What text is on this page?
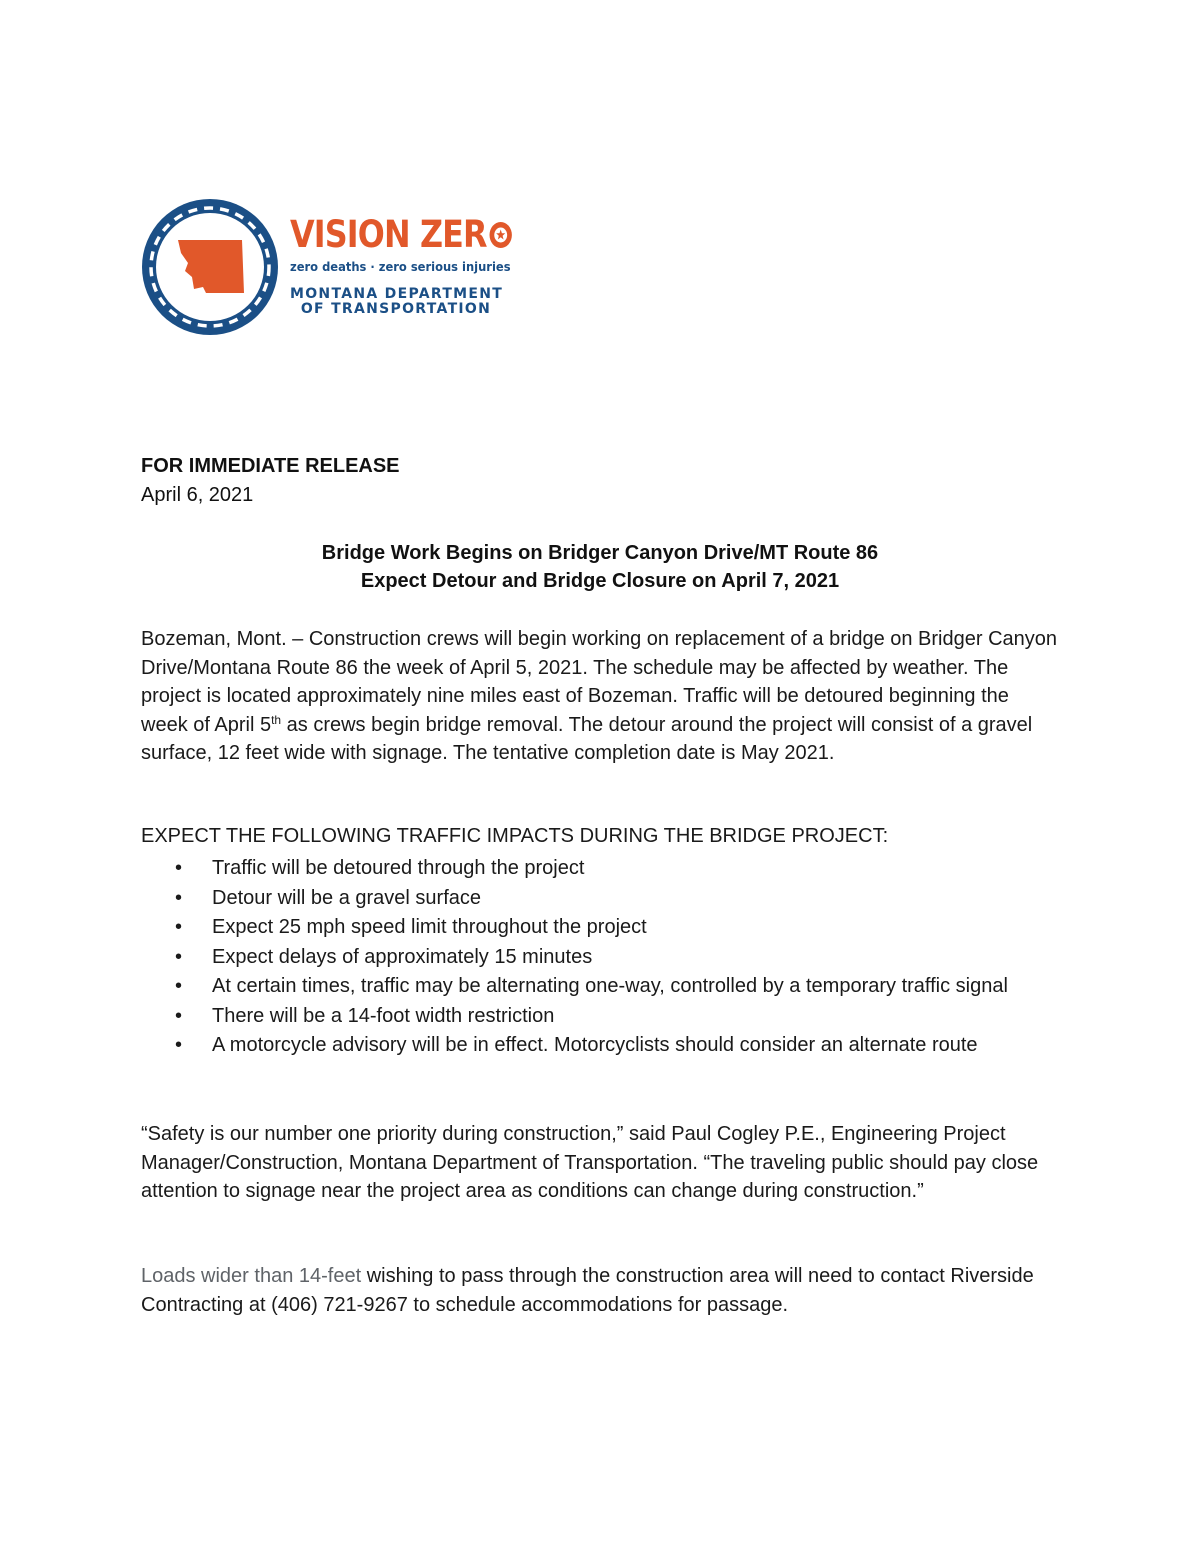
VISION ZER
zero deaths · zero serious injuries
MONTANA DEPARTMENT
OF TRANSPORTATION
FOR IMMEDIATE RELEASE
April 6, 2021
Bridge Work Begins on Bridger Canyon Drive/MT Route 86
Expect Detour and Bridge Closure on April 7, 2021
Bozeman, Mont. – Construction crews will begin working on replacement of a bridge on Bridger Canyon Drive/Montana Route 86 the week of April 5, 2021. The schedule may be affected by weather. The project is located approximately nine miles east of Bozeman. Traffic will be detoured beginning the week of April 5th as crews begin bridge removal. The detour around the project will consist of a gravel surface, 12 feet wide with signage. The tentative completion date is May 2021.
EXPECT THE FOLLOWING TRAFFIC IMPACTS DURING THE BRIDGE PROJECT:
• Traffic will be detoured through the project
• Detour will be a gravel surface
• Expect 25 mph speed limit throughout the project
• Expect delays of approximately 15 minutes
• At certain times, traffic may be alternating one-way, controlled by a temporary traffic signal
• There will be a 14-foot width restriction
• A motorcycle advisory will be in effect. Motorcyclists should consider an alternate route
“Safety is our number one priority during construction,” said Paul Cogley P.E., Engineering Project Manager/Construction, Montana Department of Transportation. “The traveling public should pay close attention to signage near the project area as conditions can change during construction.”
Loads wider than 14-feet wishing to pass through the construction area will need to contact Riverside Contracting at (406) 721-9267 to schedule accommodations for passage.
